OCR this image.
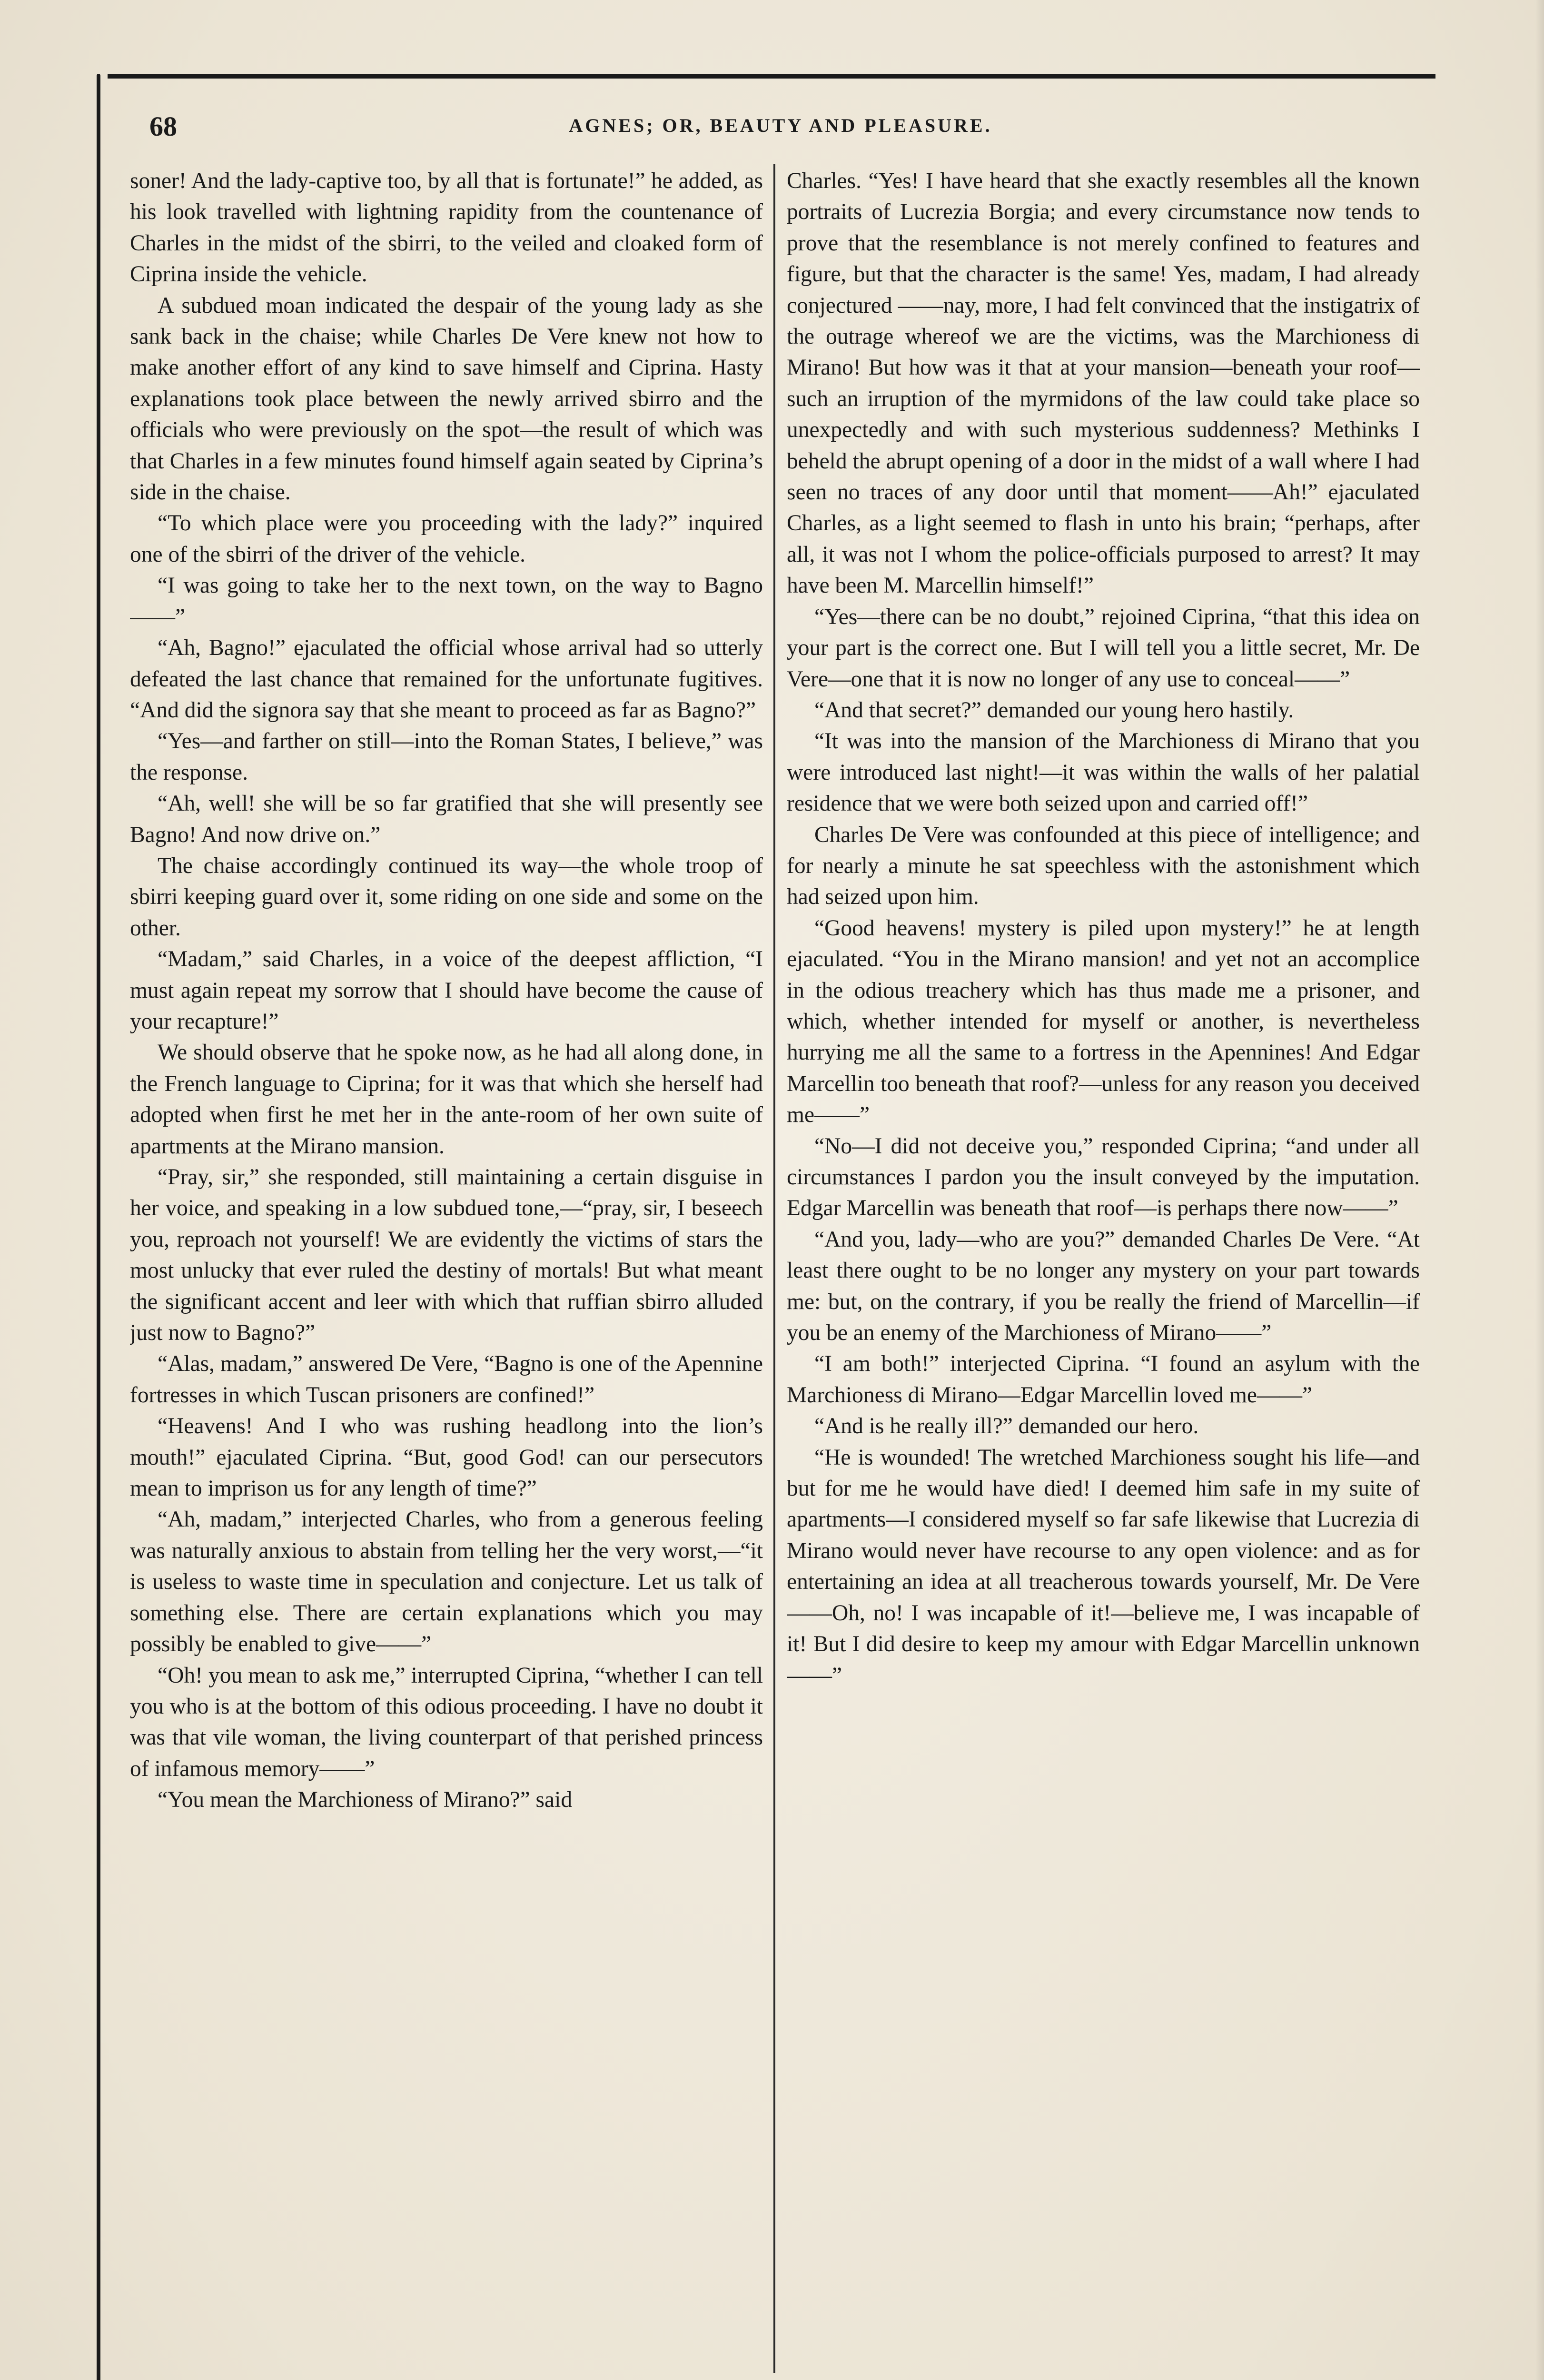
68	AGNES; OR, BEAUTY AND PLEASURE.

soner! And the lady-captive too, by all that is fortunate!” he added, as his look travelled with lightning rapidity from the countenance of Charles in the midst of the sbirri, to the veiled and cloaked form of Ciprina inside the vehicle.

A subdued moan indicated the despair of the young lady as she sank back in the chaise; while Charles De Vere knew not how to make another effort of any kind to save himself and Ciprina. Hasty explanations took place between the newly arrived sbirro and the officials who were previously on the spot—the result of which was that Charles in a few minutes found himself again seated by Ciprina’s side in the chaise.

“To which place were you proceeding with the lady?” inquired one of the sbirri of the driver of the vehicle.

“I was going to take her to the next town, on the way to Bagno——”

“Ah, Bagno!” ejaculated the official whose arrival had so utterly defeated the last chance that remained for the unfortunate fugitives. “And did the signora say that she meant to proceed as far as Bagno?”

“Yes—and farther on still—into the Roman States, I believe,” was the response.

“Ah, well! she will be so far gratified that she will presently see Bagno! And now drive on.”

The chaise accordingly continued its way—the whole troop of sbirri keeping guard over it, some riding on one side and some on the other.

“Madam,” said Charles, in a voice of the deepest affliction, “I must again repeat my sorrow that I should have become the cause of your recapture!”

We should observe that he spoke now, as he had all along done, in the French language to Ciprina; for it was that which she herself had adopted when first he met her in the ante-room of her own suite of apartments at the Mirano mansion.

“Pray, sir,” she responded, still maintaining a certain disguise in her voice, and speaking in a low subdued tone,—“pray, sir, I beseech you, reproach not yourself! We are evidently the victims of stars the most unlucky that ever ruled the destiny of mortals! But what meant the significant accent and leer with which that ruffian sbirro alluded just now to Bagno?”

“Alas, madam,” answered De Vere, “Bagno is one of the Apennine fortresses in which Tuscan prisoners are confined!”

“Heavens! And I who was rushing headlong into the lion’s mouth!” ejaculated Ciprina. “But, good God! can our persecutors mean to imprison us for any length of time?”

“Ah, madam,” interjected Charles, who from a generous feeling was naturally anxious to abstain from telling her the very worst,—“it is useless to waste time in speculation and conjecture. Let us talk of something else. There are certain explanations which you may possibly be enabled to give——”

“Oh! you mean to ask me,” interrupted Ciprina, “whether I can tell you who is at the bottom of this odious proceeding. I have no doubt it was that vile woman, the living counterpart of that perished princess of infamous memory——”

“You mean the Marchioness of Mirano?” said

Charles. “Yes! I have heard that she exactly resembles all the known portraits of Lucrezia Borgia; and every circumstance now tends to prove that the resemblance is not merely confined to features and figure, but that the character is the same! Yes, madam, I had already conjectured ——nay, more, I had felt convinced that the instigatrix of the outrage whereof we are the victims, was the Marchioness di Mirano! But how was it that at your mansion—beneath your roof—such an irruption of the myrmidons of the law could take place so unexpectedly and with such mysterious suddenness? Methinks I beheld the abrupt opening of a door in the midst of a wall where I had seen no traces of any door until that moment——Ah!” ejaculated Charles, as a light seemed to flash in unto his brain; “perhaps, after all, it was not I whom the police-officials purposed to arrest? It may have been M. Marcellin himself!”

“Yes—there can be no doubt,” rejoined Ciprina, “that this idea on your part is the correct one. But I will tell you a little secret, Mr. De Vere—one that it is now no longer of any use to conceal——”

“And that secret?” demanded our young hero hastily.

“It was into the mansion of the Marchioness di Mirano that you were introduced last night!—it was within the walls of her palatial residence that we were both seized upon and carried off!”

Charles De Vere was confounded at this piece of intelligence; and for nearly a minute he sat speechless with the astonishment which had seized upon him.

“Good heavens! mystery is piled upon mystery!” he at length ejaculated. “You in the Mirano mansion! and yet not an accomplice in the odious treachery which has thus made me a prisoner, and which, whether intended for myself or another, is nevertheless hurrying me all the same to a fortress in the Apennines! And Edgar Marcellin too beneath that roof?—unless for any reason you deceived me——”

“No—I did not deceive you,” responded Ciprina; “and under all circumstances I pardon you the insult conveyed by the imputation. Edgar Marcellin was beneath that roof—is perhaps there now——”

“And you, lady—who are you?” demanded Charles De Vere. “At least there ought to be no longer any mystery on your part towards me: but, on the contrary, if you be really the friend of Marcellin—if you be an enemy of the Marchioness of Mirano——”

“I am both!” interjected Ciprina. “I found an asylum with the Marchioness di Mirano—Edgar Marcellin loved me——”

“And is he really ill?” demanded our hero.

“He is wounded! The wretched Marchioness sought his life—and but for me he would have died! I deemed him safe in my suite of apartments—I considered myself so far safe likewise that Lucrezia di Mirano would never have recourse to any open violence: and as for entertaining an idea at all treacherous towards yourself, Mr. De Vere——Oh, no! I was incapable of it!—believe me, I was incapable of it! But I did desire to keep my amour with Edgar Marcellin unknown——”
